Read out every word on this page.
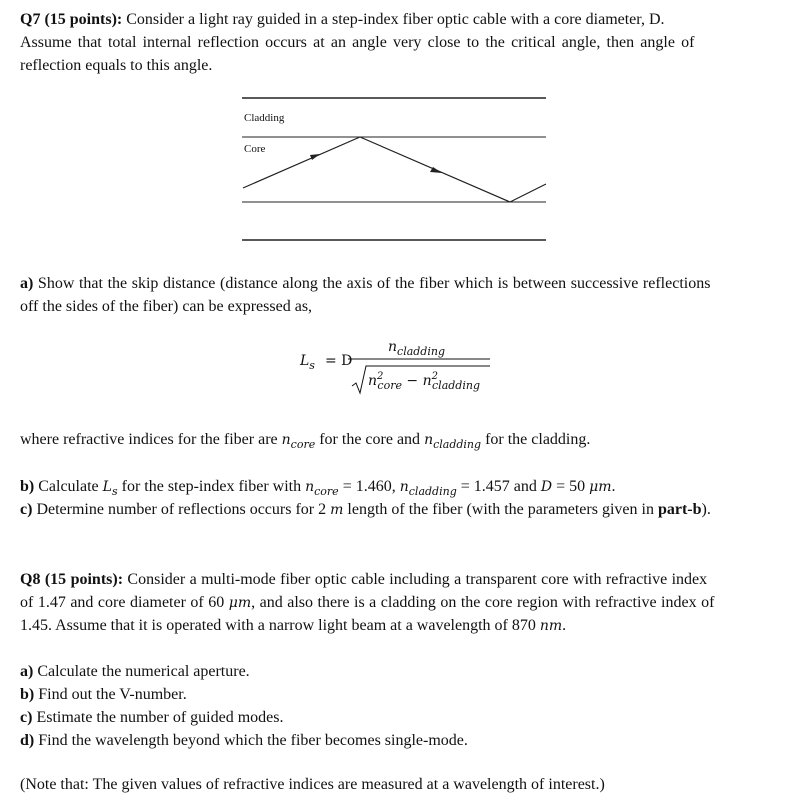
Q7 (15 points): Consider a light ray guided in a step-index fiber optic cable with a core diameter, D.
Assume that total internal reflection occurs at an angle very close to the critical angle, then angle of
reflection equals to this angle.
Cladding
Core
a) Show that the skip distance (distance along the axis of the fiber which is between successive reflections
off the sides of the fiber) can be expressed as,
$L_s = D$
$n_{cladding}$
$n^2_{core} - n^2_{cladding}$
where refractive indices for the fiber are $n_{core}$ for the core and $n_{cladding}$ for the cladding.
b) Calculate $L_s$ for the step-index fiber with $n_{core} = 1.460$, $n_{cladding} = 1.457$ and D = 50 μm.
c) Determine number of reflections occurs for 2 m length of the fiber (with the parameters given in part-b).
Q8 (15 points): Consider a multi-mode fiber optic cable including a transparent core with refractive index
of 1.47 and core diameter of 60 μm, and also there is a cladding on the core region with refractive index of
1.45. Assume that it is operated with a narrow light beam at a wavelength of 870 nm.
a) Calculate the numerical aperture.
b) Find out the V-number.
c) Estimate the number of guided modes.
d) Find the wavelength beyond which the fiber becomes single-mode.
(Note that: The given values of refractive indices are measured at a wavelength of interest.)
